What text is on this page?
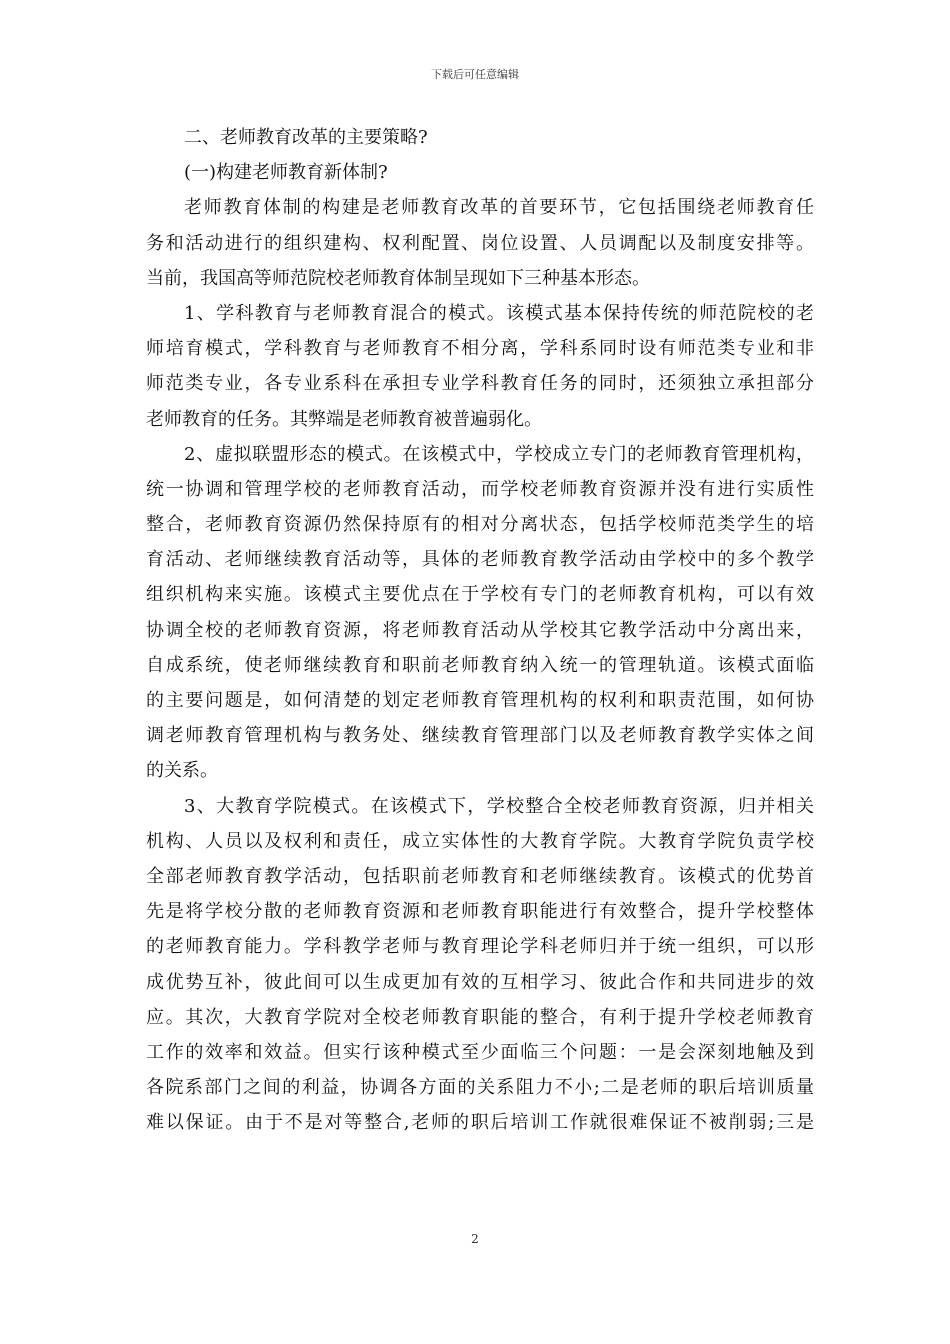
下载后可任意编辑
二、老师教育改革的主要策略?
(一)构建老师教育新体制?
老师教育体制的构建是老师教育改革的首要环节，它包括围绕老师教育任
务和活动进行的组织建构、权利配置、岗位设置、人员调配以及制度安排等。
当前，我国高等师范院校老师教育体制呈现如下三种基本形态。
1、学科教育与老师教育混合的模式。该模式基本保持传统的师范院校的老
师培育模式，学科教育与老师教育不相分离，学科系同时设有师范类专业和非
师范类专业，各专业系科在承担专业学科教育任务的同时，还须独立承担部分
老师教育的任务。其弊端是老师教育被普遍弱化。
2、虚拟联盟形态的模式。在该模式中，学校成立专门的老师教育管理机构，
统一协调和管理学校的老师教育活动，而学校老师教育资源并没有进行实质性
整合，老师教育资源仍然保持原有的相对分离状态，包括学校师范类学生的培
育活动、老师继续教育活动等，具体的老师教育教学活动由学校中的多个教学
组织机构来实施。该模式主要优点在于学校有专门的老师教育机构，可以有效
协调全校的老师教育资源，将老师教育活动从学校其它教学活动中分离出来，
自成系统，使老师继续教育和职前老师教育纳入统一的管理轨道。该模式面临
的主要问题是，如何清楚的划定老师教育管理机构的权利和职责范围，如何协
调老师教育管理机构与教务处、继续教育管理部门以及老师教育教学实体之间
的关系。
3、大教育学院模式。在该模式下，学校整合全校老师教育资源，归并相关
机构、人员以及权利和责任，成立实体性的大教育学院。大教育学院负责学校
全部老师教育教学活动，包括职前老师教育和老师继续教育。该模式的优势首
先是将学校分散的老师教育资源和老师教育职能进行有效整合，提升学校整体
的老师教育能力。学科教学老师与教育理论学科老师归并于统一组织，可以形
成优势互补，彼此间可以生成更加有效的互相学习、彼此合作和共同进步的效
应。其次，大教育学院对全校老师教育职能的整合，有利于提升学校老师教育
工作的效率和效益。但实行该种模式至少面临三个问题：一是会深刻地触及到
各院系部门之间的利益，协调各方面的关系阻力不小;二是老师的职后培训质量
难以保证。由于不是对等整合,老师的职后培训工作就很难保证不被削弱;三是
2
